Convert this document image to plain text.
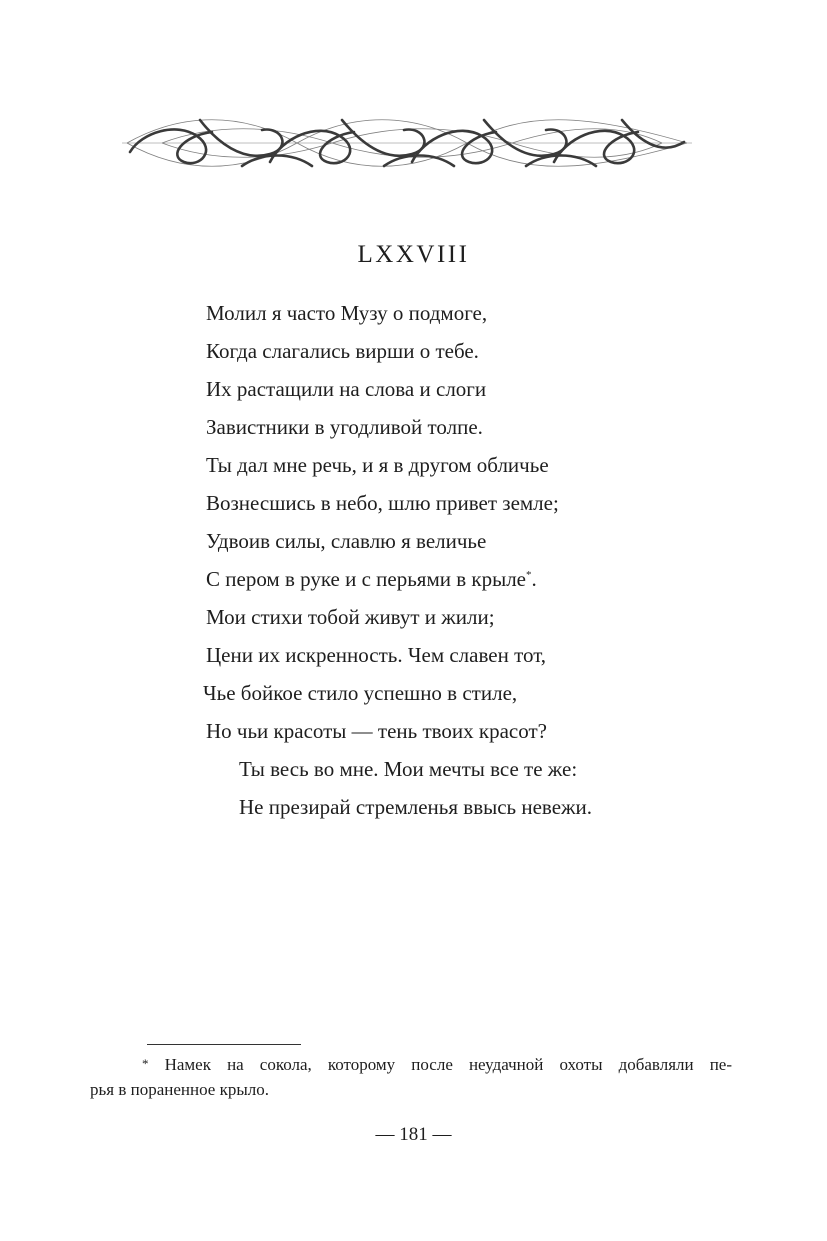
LXXVIII
Молил я часто Музу о подмоге,
Когда слагались вирши о тебе.
Их растащили на слова и слоги
Завистники в угодливой толпе.
Ты дал мне речь, и я в другом обличье
Вознесшись в небо, шлю привет земле;
Удвоив силы, славлю я величье
С пером в руке и с перьями в крыле*.
Мои стихи тобой живут и жили;
Цени их искренность. Чем славен тот,
Чье бойкое стило успешно в стиле,
Но чьи красоты — тень твоих красот?
Ты весь во мне. Мои мечты все те же:
Не презирай стремленья ввысь невежи.
* Намек на сокола, которому после неудачной охоты добавляли пе-
рья в пораненное крыло.
— 181 —
